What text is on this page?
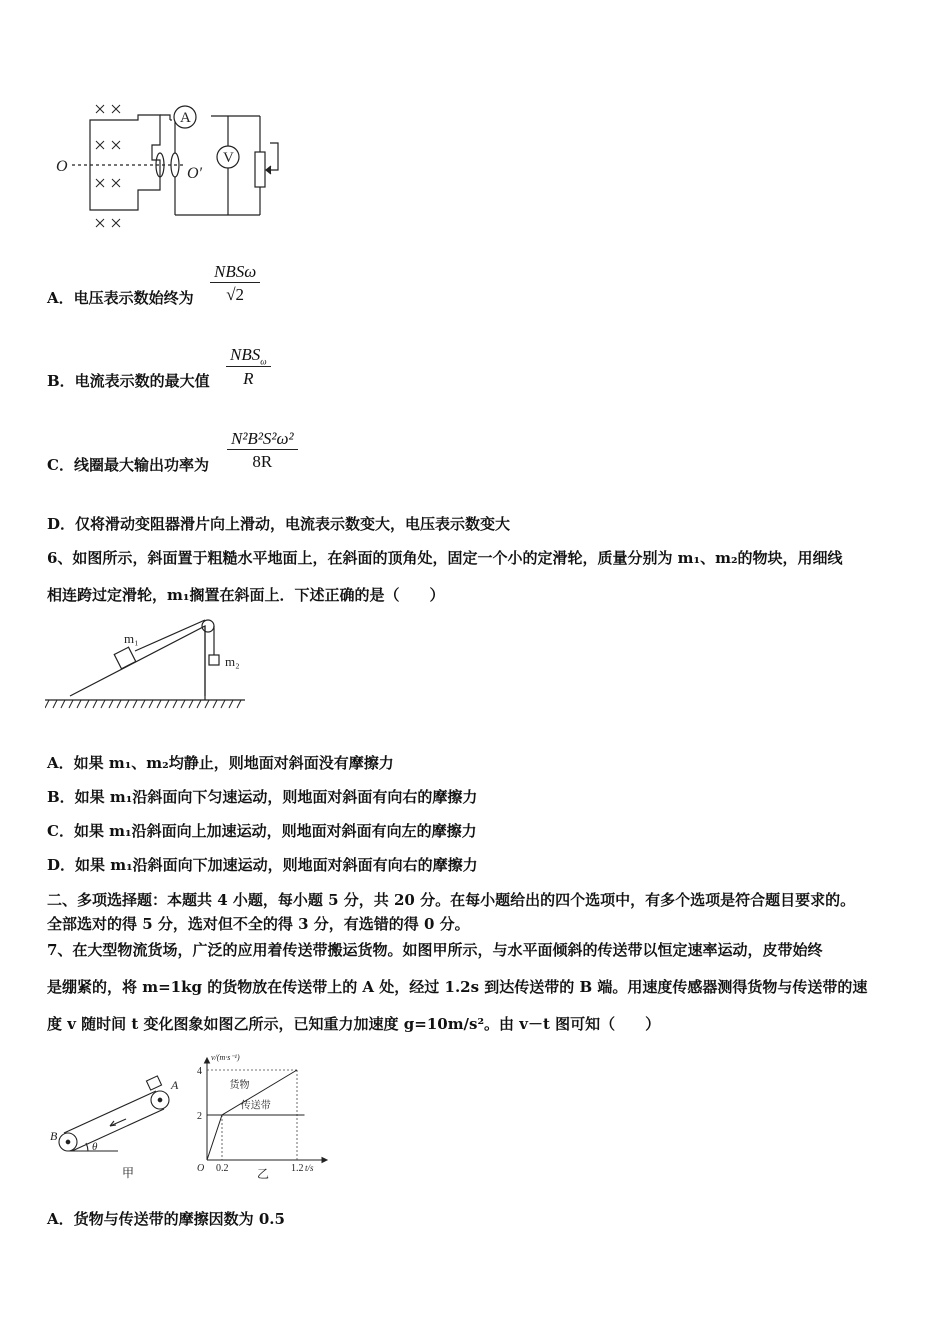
A
V
O	O′
A．电压表示数始终为
NBSω
√2
B．电流表示数的最大值
$NBS_\omega$
R
C．线圈最大输出功率为 $\frac{\text{N²B²S²ω²}}{8R}$
D．仅将滑动变阻器滑片向上滑动，电流表示数变大，电压表示数变大
6、如图所示，斜面置于粗糙水平地面上，在斜面的顶角处，固定一个小的定滑轮，质量分别为 m₁、m₂的物块，用细线
相连跨过定滑轮，m₁搁置在斜面上．下述正确的是（　　）
m₁
m₂
A．如果 m₁、m₂均静止，则地面对斜面没有摩擦力
B．如果 m₁沿斜面向下匀速运动，则地面对斜面有向右的摩擦力
C．如果 m₁沿斜面向上加速运动，则地面对斜面有向左的摩擦力
D．如果 m₁沿斜面向下加速运动，则地面对斜面有向右的摩擦力
二、多项选择题：本题共 4 小题，每小题 5 分，共 20 分。在每小题给出的四个选项中，有多个选项是符合题目要求的。
全部选对的得 5 分，选对但不全的得 3 分，有选错的得 0 分。
7、在大型物流货场，广泛的应用着传送带搬运货物。如图甲所示，与水平面倾斜的传送带以恒定速率运动，皮带始终
是绷紧的，将 m=1kg 的货物放在传送带上的 A 处，经过 1.2s 到达传送带的 B 端。用速度传感器测得货物与传送带的速
度 v 随时间 t 变化图象如图乙所示，已知重力加速度 g=10m/s²。由 v－t 图可知（　　）
A
B
θ
甲	0.2	1.2
2
4
O	t/s
v/(m·s⁻¹)
货物
传送带
乙
A．货物与传送带的摩擦因数为 0.5
